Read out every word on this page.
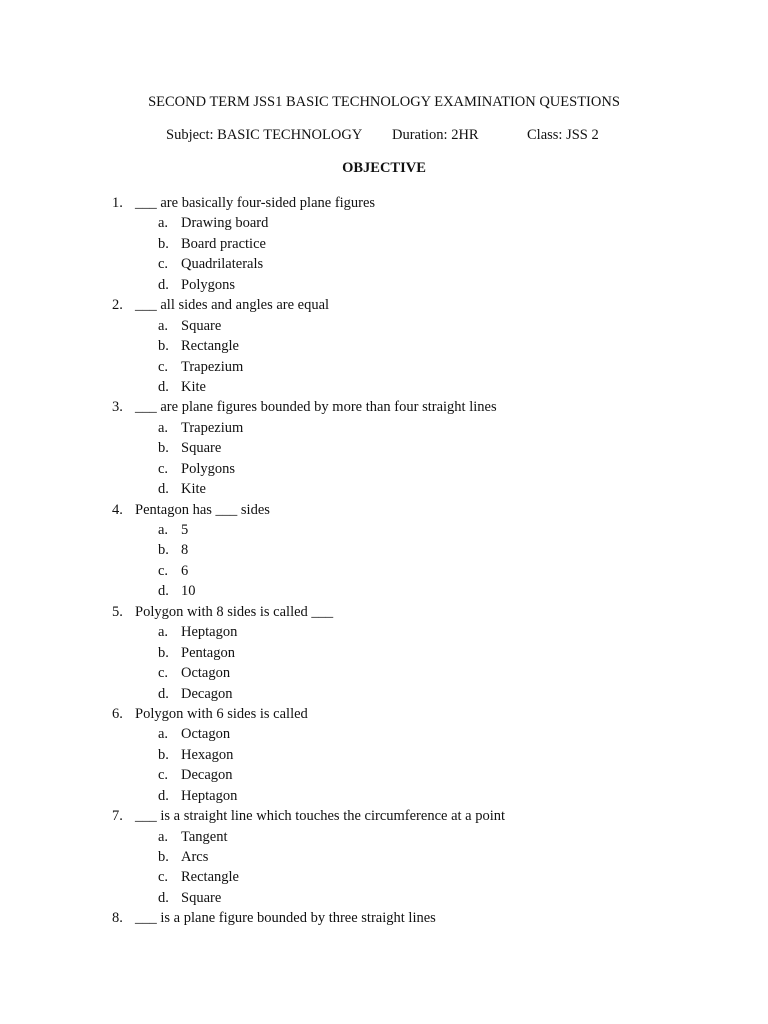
SECOND TERM JSS1 BASIC TECHNOLOGY EXAMINATION QUESTIONS
Subject: BASIC TECHNOLOGY Duration: 2HR	Class: JSS 2
OBJECTIVE
1. ___ are basically four-sided plane figures
a. Drawing board
b. Board practice
c. Quadrilaterals
d. Polygons
2. ___ all sides and angles are equal
a. Square
b. Rectangle
c. Trapezium
d. Kite
3. ___ are plane figures bounded by more than four straight lines
a. Trapezium
b. Square
c. Polygons
d. Kite
4. Pentagon has ___ sides
a. 5
b. 8
c. 6
d. 10
5. Polygon with 8 sides is called ___
a. Heptagon
b. Pentagon
c. Octagon
d. Decagon
6. Polygon with 6 sides is called
a. Octagon
b. Hexagon
c. Decagon
d. Heptagon
7. ___ is a straight line which touches the circumference at a point
a. Tangent
b. Arcs
c. Rectangle
d. Square
8. ___ is a plane figure bounded by three straight lines
